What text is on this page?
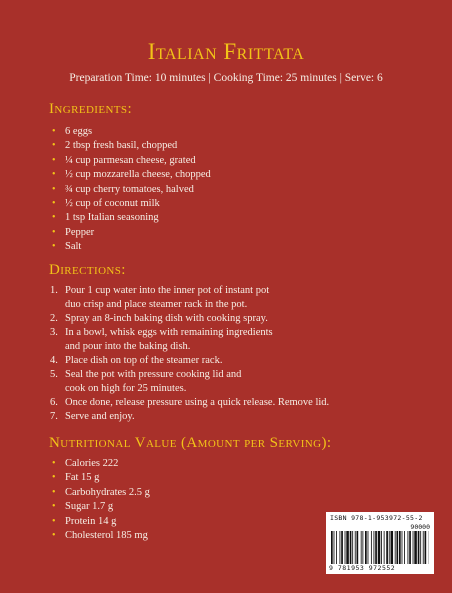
Italian Frittata
Preparation Time: 10 minutes | Cooking Time: 25 minutes | Serve: 6
Ingredients:
• 6 eggs
• 2 tbsp fresh basil, chopped
• ¼ cup parmesan cheese, grated
• ½ cup mozzarella cheese, chopped
• ¾ cup cherry tomatoes, halved
• ½ cup of coconut milk
• 1 tsp Italian seasoning
• Pepper
• Salt
Directions:
1. Pour 1 cup water into the inner pot of instant pot
duo crisp and place steamer rack in the pot.
2. Spray an 8-inch baking dish with cooking spray.
3. In a bowl, whisk eggs with remaining ingredients
and pour into the baking dish.
4. Place dish on top of the steamer rack.
5. Seal the pot with pressure cooking lid and
cook on high for 25 minutes.
6. Once done, release pressure using a quick release. Remove lid.
7. Serve and enjoy.
Nutritional Value (Amount per Serving):
• Calories 222
• Fat 15 g
• Carbohydrates 2.5 g
• Sugar 1.7 g
• Protein 14 g
• Cholesterol 185 mg
ISBN 978-1-953972-55-2
90000
9 781953 972552
